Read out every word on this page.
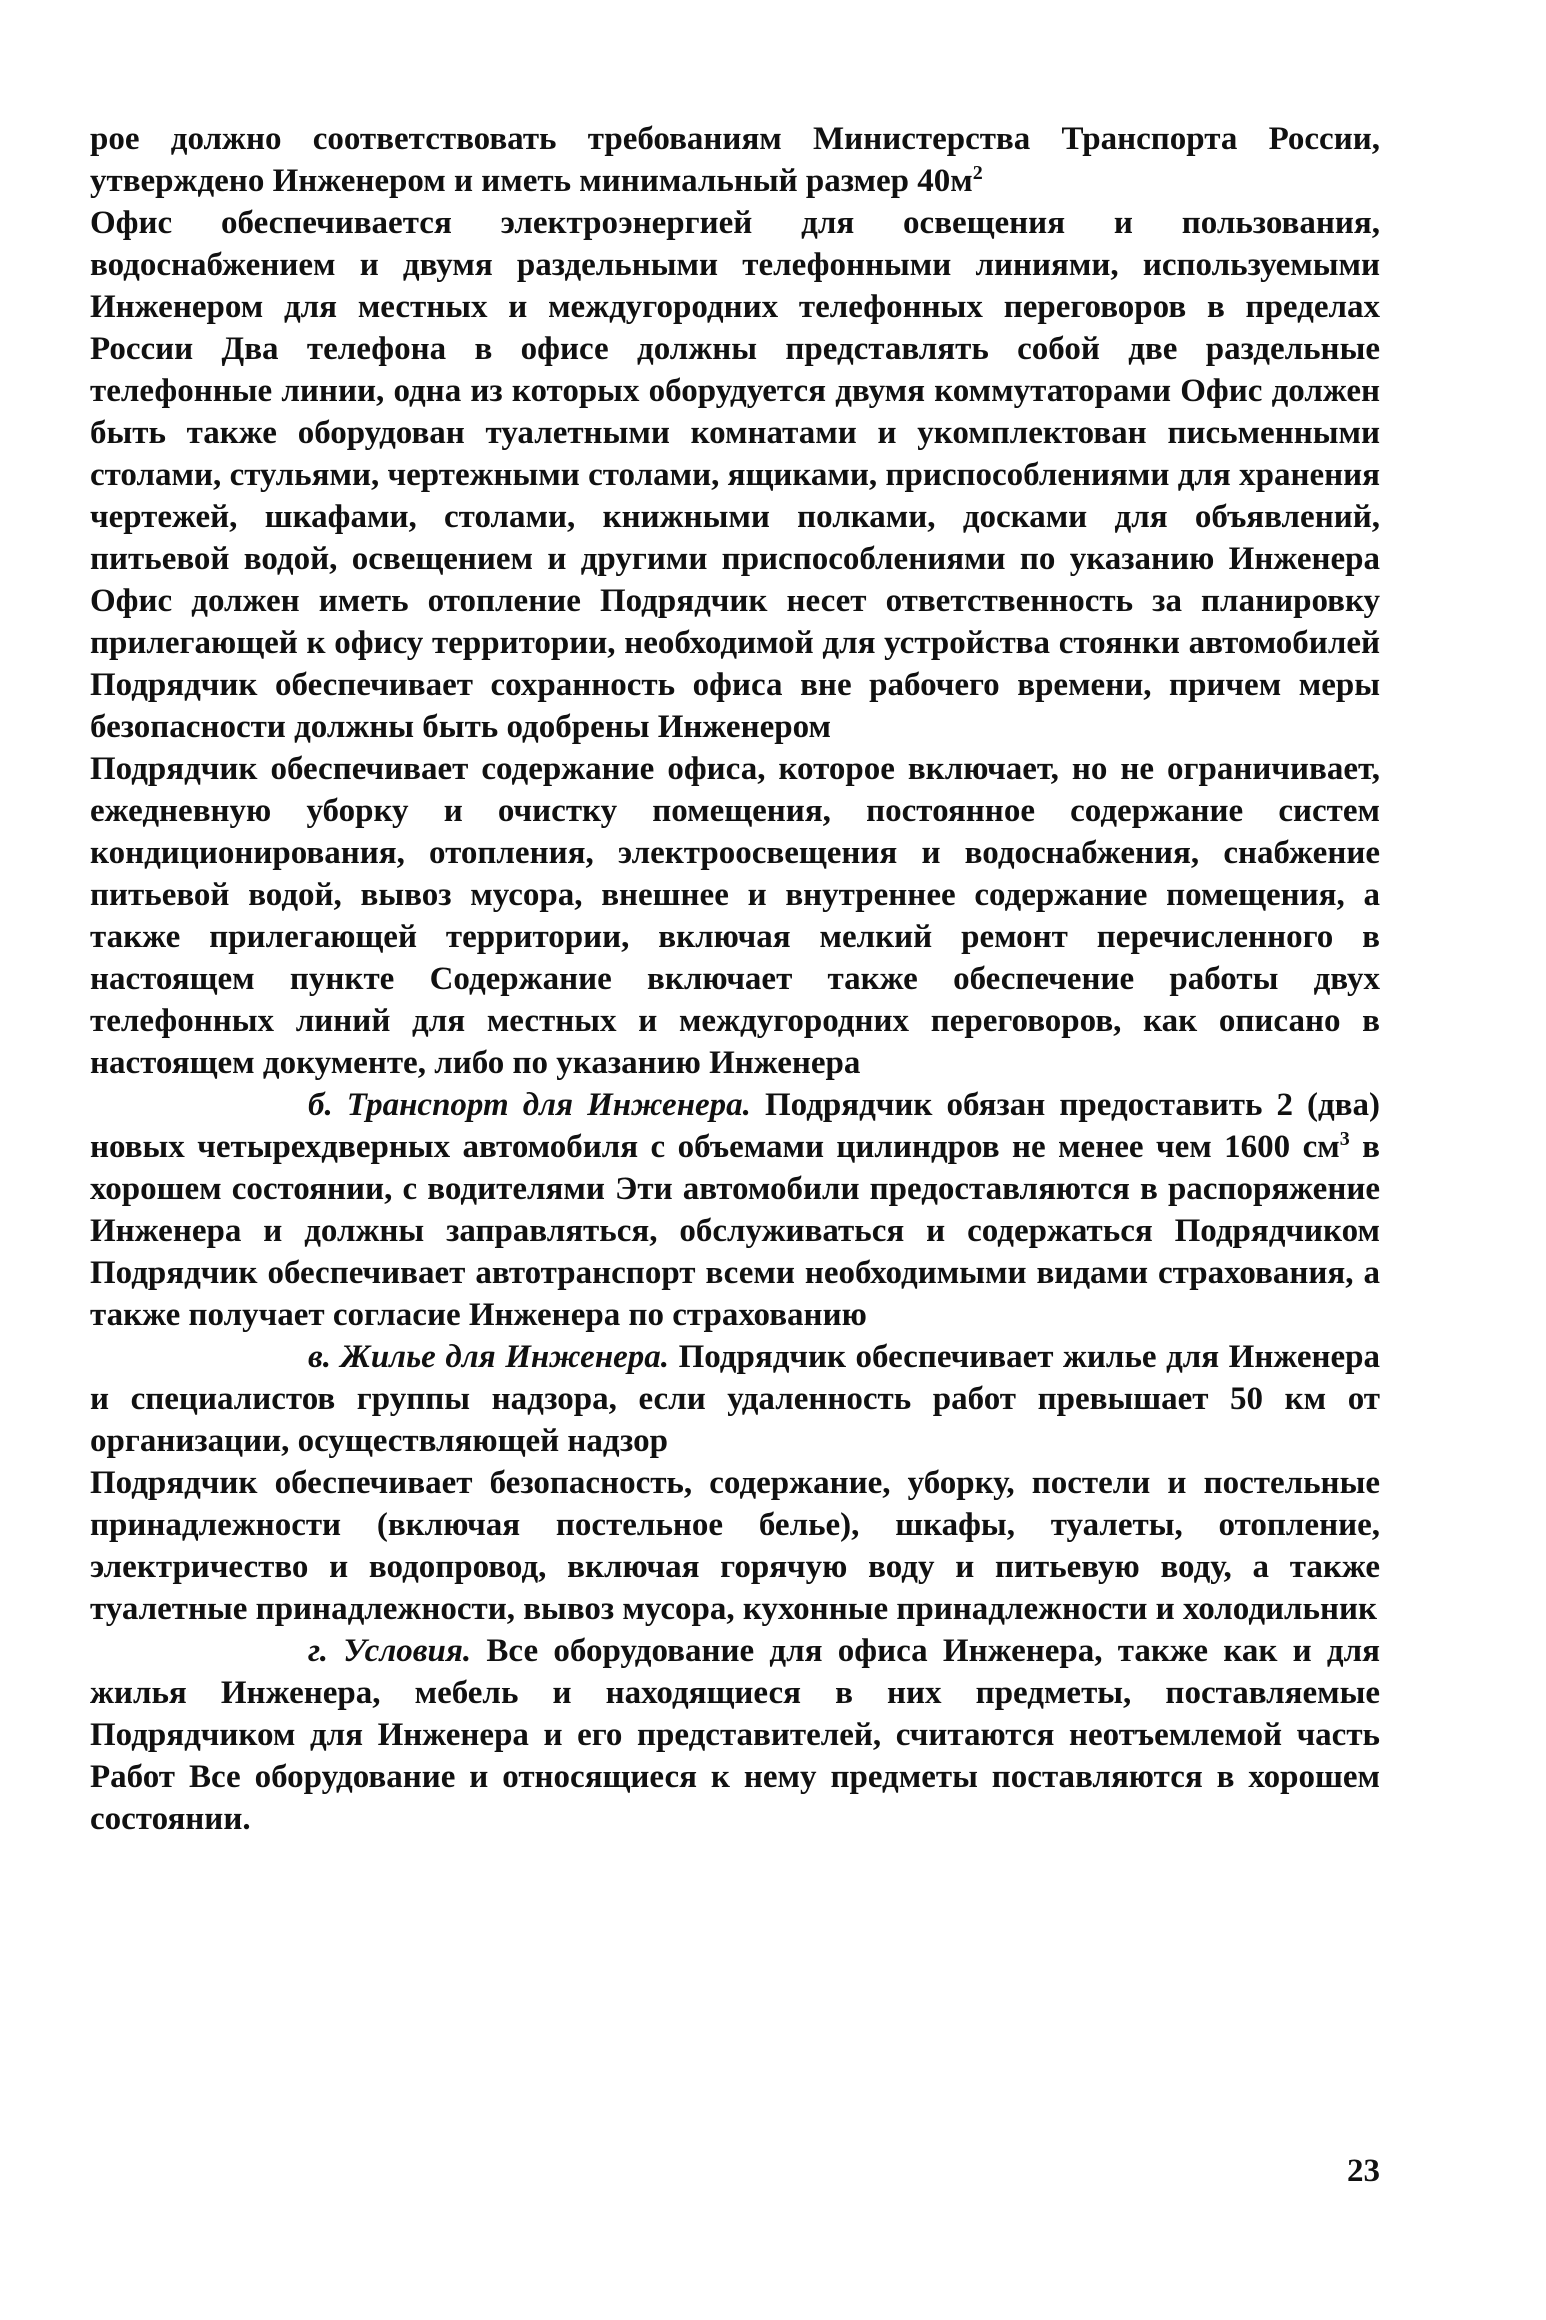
рое должно соответствовать требованиям Министерства Транспорта России, утверждено Инженером и иметь минимальный размер $40м^2$

Офис обеспечивается электроэнергией для освещения и пользования, водоснабжением и двумя раздельными телефонными линиями, используемыми Инженером для местных и междугородних телефонных переговоров в пределах России Два телефона в офисе должны представлять собой две раздельные телефонные линии, одна из которых оборудуется двумя коммутаторами Офис должен быть также оборудован туалетными комнатами и укомплектован письменными столами, стульями, чертежными столами, ящиками, приспособлениями для хранения чертежей, шкафами, столами, книжными полками, досками для объявлений, питьевой водой, освещением и другими приспособлениями по указанию Инженера Офис должен иметь отопление Подрядчик несет ответственность за планировку прилегающей к офису территории, необходимой для устройства стоянки автомобилей Подрядчик обеспечивает сохранность офиса вне рабочего времени, причем меры безопасности должны быть одобрены Инженером

Подрядчик обеспечивает содержание офиса, которое включает, но не ограничивает, ежедневную уборку и очистку помещения, постоянное содержание систем кондиционирования, отопления, электроосвещения и водоснабжения, снабжение питьевой водой, вывоз мусора, внешнее и внутреннее содержание помещения, а также прилегающей территории, включая мелкий ремонт перечисленного в настоящем пункте Содержание включает также обеспечение работы двух телефонных линий для местных и междугородних переговоров, как описано в настоящем документе, либо по указанию Инженера

б. Транспорт для Инженера. Подрядчик обязан предоставить 2 (два) новых четырехдверных автомобиля с объемами цилиндров не менее чем 1600 $см^3$ в хорошем состоянии, с водителями Эти автомобили предоставляются в распоряжение Инженера и должны заправляться, обслуживаться и содержаться Подрядчиком Подрядчик обеспечивает автотранспорт всеми необходимыми видами страхования, а также получает согласие Инженера по страхованию

в. Жилье для Инженера. Подрядчик обеспечивает жилье для Инженера и специалистов группы надзора, если удаленность работ превышает 50 км от организации, осуществляющей надзор

Подрядчик обеспечивает безопасность, содержание, уборку, постели и постельные принадлежности (включая постельное белье), шкафы, туалеты, отопление, электричество и водопровод, включая горячую воду и питьевую воду, а также туалетные принадлежности, вывоз мусора, кухонные принадлежности и холодильник

г. Условия. Все оборудование для офиса Инженера, также как и для жилья Инженера, мебель и находящиеся в них предметы, поставляемые Подрядчиком для Инженера и его представителей, считаются неотъемлемой часть Работ Все оборудование и относящиеся к нему предметы поставляются в хорошем состоянии.

23
